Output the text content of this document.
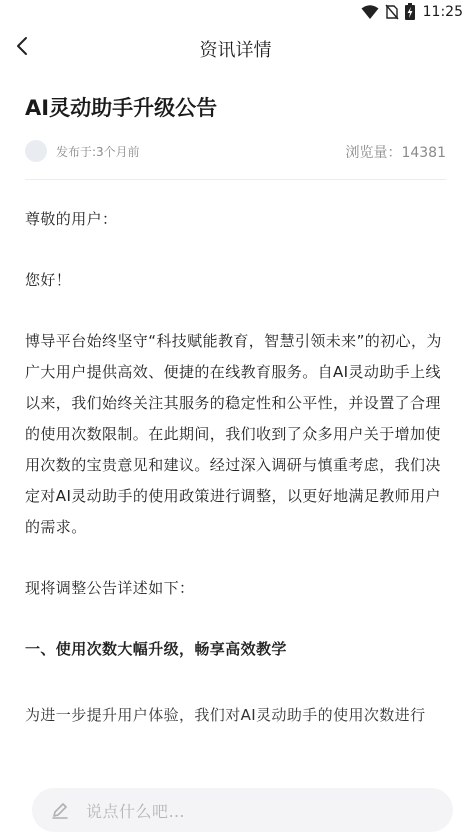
11:25
资讯详情
AI灵动助手升级公告
发布于:3个月前	浏览量：14381

尊敬的用户：

您好！

博导平台始终坚守“科技赋能教育，智慧引领未来”的初心，为广大用户提供高效、便捷的在线教育服务。自AI灵动助手上线以来，我们始终关注其服务的稳定性和公平性，并设置了合理的使用次数限制。在此期间，我们收到了众多用户关于增加使用次数的宝贵意见和建议。经过深入调研与慎重考虑，我们决定对AI灵动助手的使用政策进行调整，以更好地满足教师用户的需求。

现将调整公告详述如下：

一、使用次数大幅升级，畅享高效教学

为进一步提升用户体验，我们对AI灵动助手的使用次数进行

说点什么吧…
